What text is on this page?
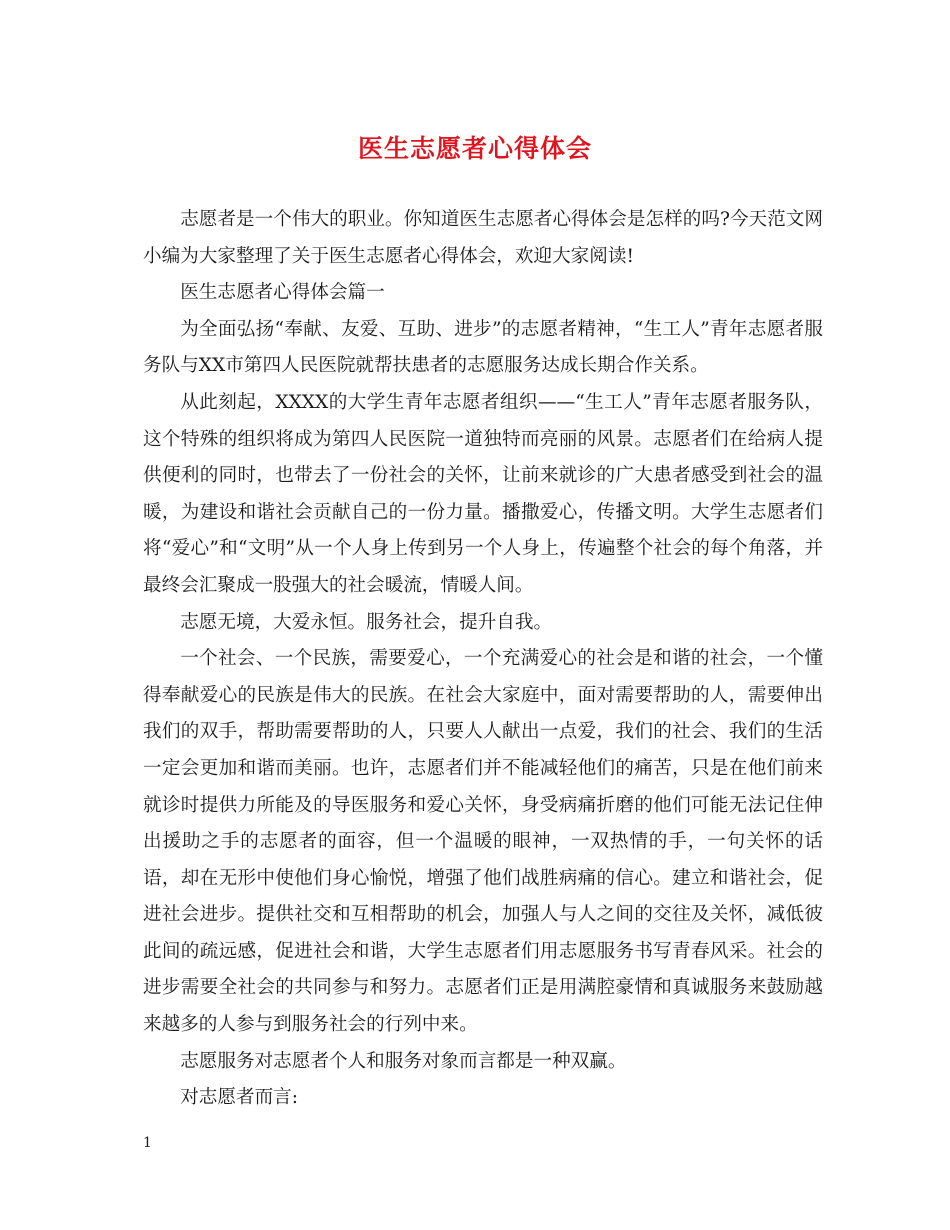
医生志愿者心得体会

志愿者是一个伟大的职业。你知道医生志愿者心得体会是怎样的吗?今天范文网小编为大家整理了关于医生志愿者心得体会，欢迎大家阅读!

医生志愿者心得体会篇一

为全面弘扬“奉献、友爱、互助、进步”的志愿者精神，“生工人”青年志愿者服务队与XX市第四人民医院就帮扶患者的志愿服务达成长期合作关系。

从此刻起，XXXX的大学生青年志愿者组织——“生工人”青年志愿者服务队，这个特殊的组织将成为第四人民医院一道独特而亮丽的风景。志愿者们在给病人提供便利的同时，也带去了一份社会的关怀，让前来就诊的广大患者感受到社会的温暖，为建设和谐社会贡献自己的一份力量。播撒爱心，传播文明。大学生志愿者们将“爱心”和“文明”从一个人身上传到另一个人身上，传遍整个社会的每个角落，并最终会汇聚成一股强大的社会暖流，情暖人间。

志愿无境，大爱永恒。服务社会，提升自我。

一个社会、一个民族，需要爱心，一个充满爱心的社会是和谐的社会，一个懂得奉献爱心的民族是伟大的民族。在社会大家庭中，面对需要帮助的人，需要伸出我们的双手，帮助需要帮助的人，只要人人献出一点爱，我们的社会、我们的生活一定会更加和谐而美丽。也许，志愿者们并不能减轻他们的痛苦，只是在他们前来就诊时提供力所能及的导医服务和爱心关怀，身受病痛折磨的他们可能无法记住伸出援助之手的志愿者的面容，但一个温暖的眼神，一双热情的手，一句关怀的话语，却在无形中使他们身心愉悦，增强了他们战胜病痛的信心。建立和谐社会，促进社会进步。提供社交和互相帮助的机会，加强人与人之间的交往及关怀，减低彼此间的疏远感，促进社会和谐，大学生志愿者们用志愿服务书写青春风采。社会的进步需要全社会的共同参与和努力。志愿者们正是用满腔豪情和真诚服务来鼓励越来越多的人参与到服务社会的行列中来。

志愿服务对志愿者个人和服务对象而言都是一种双赢。

对志愿者而言:

1
